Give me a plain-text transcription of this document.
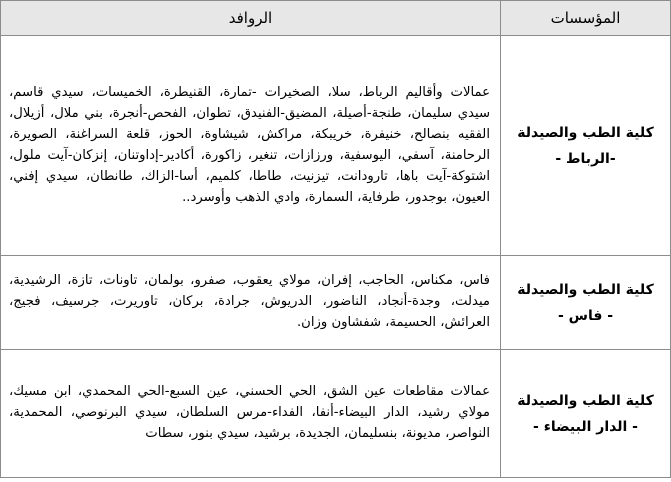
المؤسسات	الروافد

كلية الطب والصيدلة
-الرباط -	عمالات وأقاليم الرباط، سلا، الصخيرات -تمارة، القنيطرة، الخميسات، سيدي قاسم، سيدي سليمان، طنجة-أصيلة، المضيق-الفنيدق، تطوان، الفحص-أنجرة، بني ملال، أزيلال، الفقيه بنصالح، خنيفرة، خريبكة، مراكش، شيشاوة، الحوز، قلعة السراغنة، الصويرة، الرحامنة، آسفي، اليوسفية، ورزازات، تنغير، زاكورة، أكادير-إداوتنان، إنزكان-آيت ملول، اشتوكة-آيت باها، تارودانت، تيزنيت، طاطا، كلميم، أسا-الزاك، طانطان، سيدي إفني، العيون، بوجدور، طرفاية، السمارة، وادي الذهب وأوسرد..

كلية الطب والصيدلة
- فاس -	فاس، مكناس، الحاجب، إفران، مولاي يعقوب، صفرو، بولمان، تاونات، تازة، الرشيدية، ميدلت، وجدة-أنجاد، الناضور، الدريوش، جرادة، بركان، تاوريرت، جرسيف، فجيج، العرائش، الحسيمة، شفشاون وزان.

كلية الطب والصيدلة
- الدار البيضاء -	عمالات مقاطعات عين الشق، الحي الحسني، عين السبع-الحي المحمدي، ابن مسيك، مولاي رشيد، الدار البيضاء-أنفا، الفداء-مرس السلطان، سيدي البرنوصي، المحمدية، النواصر، مديونة، بنسليمان، الجديدة، برشيد، سيدي بنور، سطات
